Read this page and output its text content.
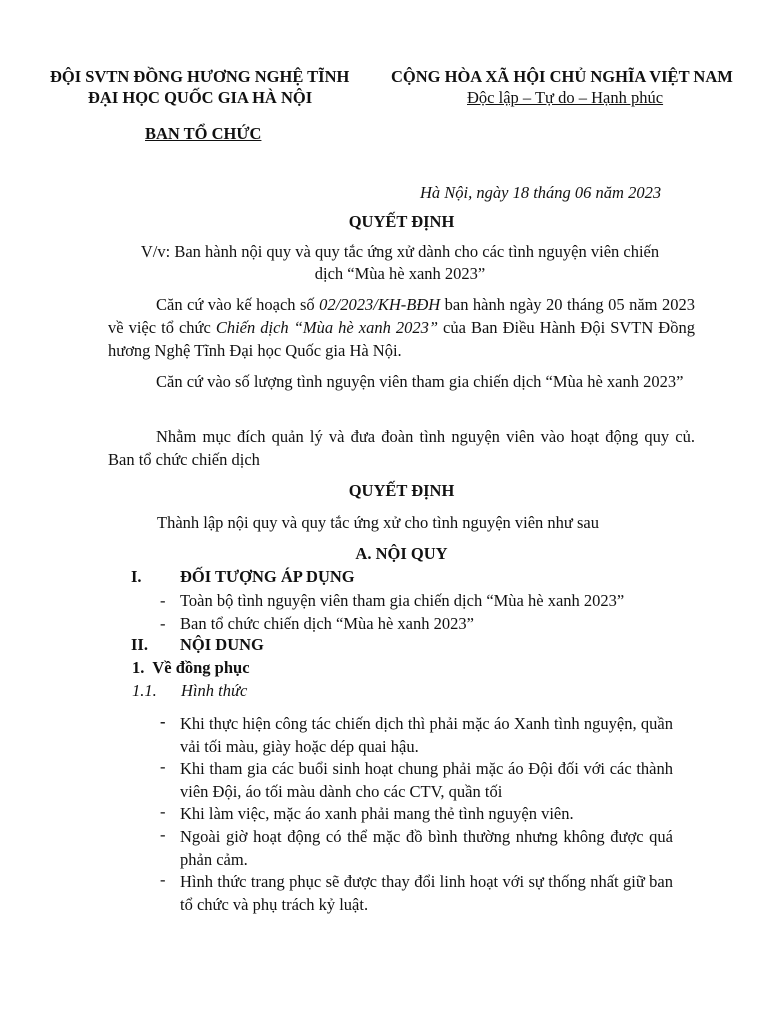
ĐỘI SVTN ĐỒNG HƯƠNG NGHỆ TĨNH
ĐẠI HỌC QUỐC GIA HÀ NỘI
BAN TỔ CHỨC
CỘNG HÒA XÃ HỘI CHỦ NGHĨA VIỆT NAM
Độc lập – Tự do – Hạnh phúc
Hà Nội, ngày 18 tháng 06 năm 2023
QUYẾT ĐỊNH
V/v: Ban hành nội quy và quy tắc ứng xử dành cho các tình nguyện viên chiến
dịch “Mùa hè xanh 2023”
Căn cứ vào kế hoạch số 02/2023/KH-BĐH ban hành ngày 20 tháng 05 năm 2023 về việc tổ chức Chiến dịch “Mùa hè xanh 2023” của Ban Điều Hành Đội SVTN Đồng hương Nghệ Tĩnh Đại học Quốc gia Hà Nội.
Căn cứ vào số lượng tình nguyện viên tham gia chiến dịch “Mùa hè xanh 2023”
Nhằm mục đích quản lý và đưa đoàn tình nguyện viên vào hoạt động quy củ. Ban tổ chức chiến dịch
QUYẾT ĐỊNH
Thành lập nội quy và quy tắc ứng xử cho tình nguyện viên như sau
A. NỘI QUY
I. ĐỐI TƯỢNG ÁP DỤNG
- Toàn bộ tình nguyện viên tham gia chiến dịch “Mùa hè xanh 2023”
- Ban tổ chức chiến dịch “Mùa hè xanh 2023”
II. NỘI DUNG
1.  Về đồng phục
1.1. Hình thức
- Khi thực hiện công tác chiến dịch thì phải mặc áo Xanh tình nguyện, quần vải tối màu, giày hoặc dép quai hậu.
- Khi tham gia các buổi sinh hoạt chung phải mặc áo Đội đối với các thành viên Đội, áo tối màu dành cho các CTV, quần tối
- Khi làm việc, mặc áo xanh phải mang thẻ tình nguyện viên.
- Ngoài giờ hoạt động có thể mặc đồ bình thường nhưng không được quá phản cảm.
- Hình thức trang phục sẽ được thay đổi linh hoạt với sự thống nhất giữ ban tổ chức và phụ trách kỷ luật.
